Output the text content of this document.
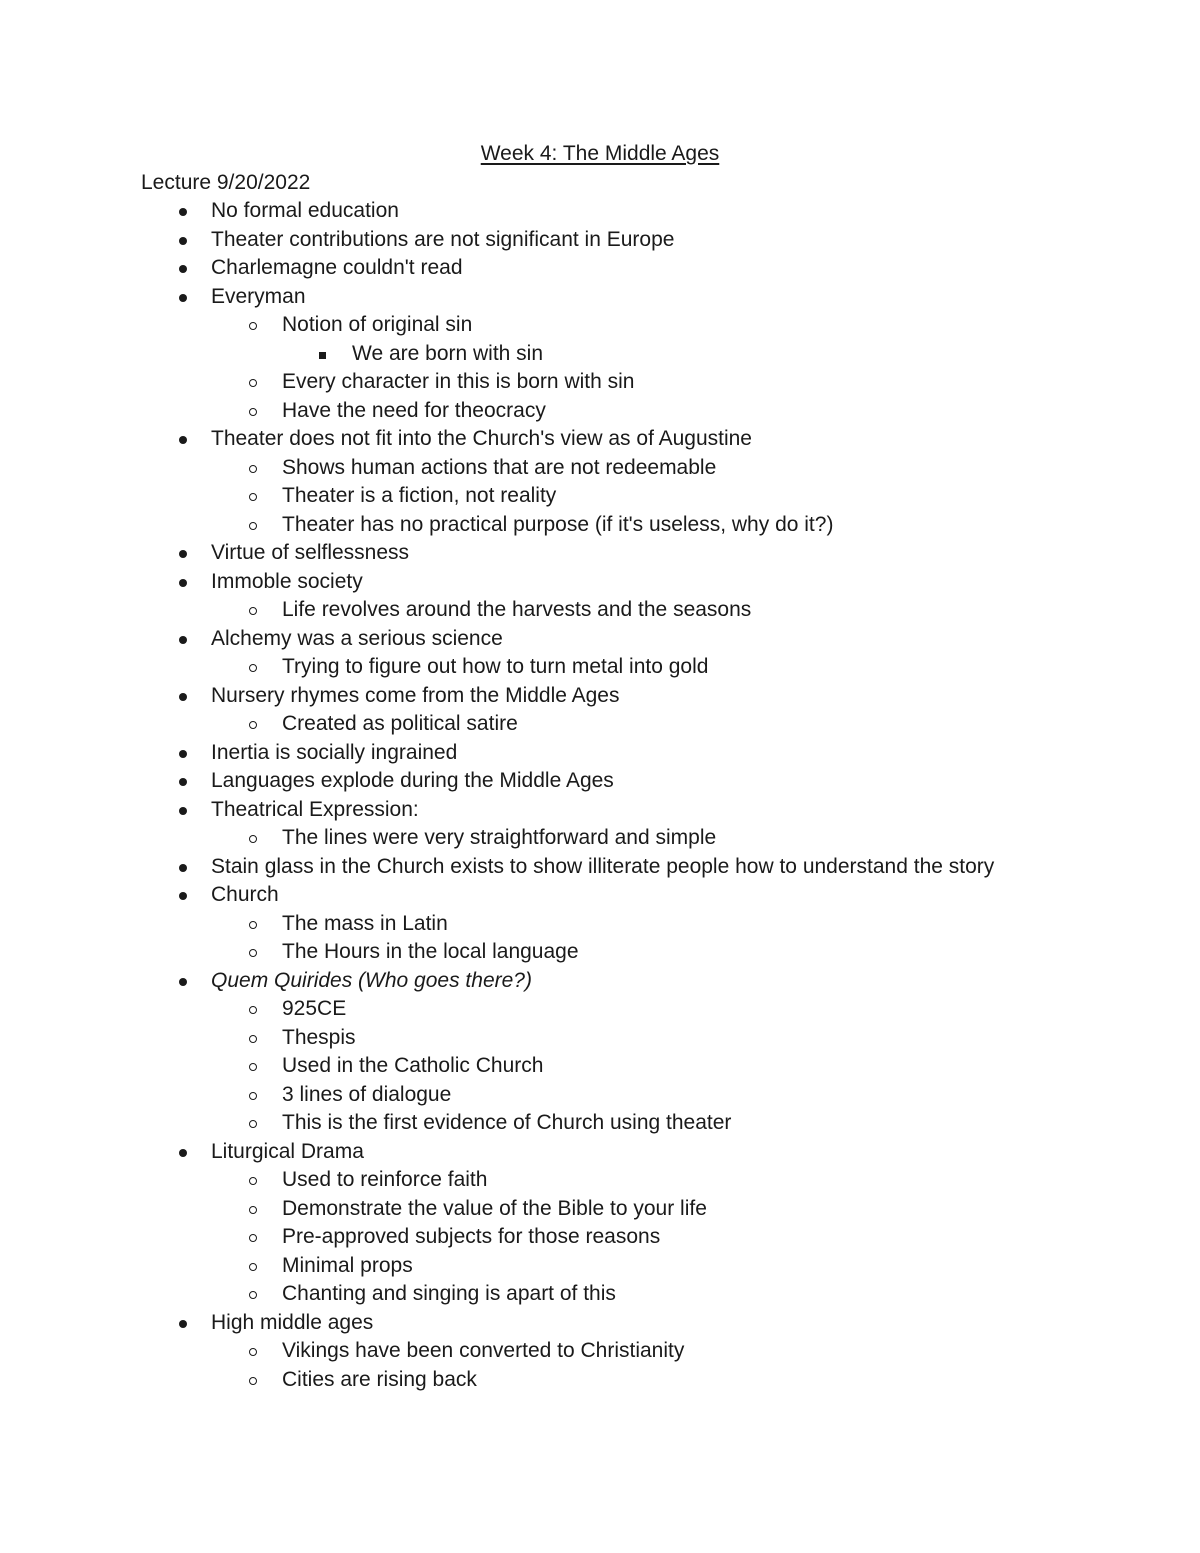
Week 4: The Middle Ages
Lecture 9/20/2022
No formal education
Theater contributions are not significant in Europe
Charlemagne couldn't read
Everyman
Notion of original sin
We are born with sin
Every character in this is born with sin
Have the need for theocracy
Theater does not fit into the Church's view as of Augustine
Shows human actions that are not redeemable
Theater is a fiction, not reality
Theater has no practical purpose (if it's useless, why do it?)
Virtue of selflessness
Immoble society
Life revolves around the harvests and the seasons
Alchemy was a serious science
Trying to figure out how to turn metal into gold
Nursery rhymes come from the Middle Ages
Created as political satire
Inertia is socially ingrained
Languages explode during the Middle Ages
Theatrical Expression:
The lines were very straightforward and simple
Stain glass in the Church exists to show illiterate people how to understand the story
Church
The mass in Latin
The Hours in the local language
Quem Quirides (Who goes there?)
925CE
Thespis
Used in the Catholic Church
3 lines of dialogue
This is the first evidence of Church using theater
Liturgical Drama
Used to reinforce faith
Demonstrate the value of the Bible to your life
Pre-approved subjects for those reasons
Minimal props
Chanting and singing is apart of this
High middle ages
Vikings have been converted to Christianity
Cities are rising back
